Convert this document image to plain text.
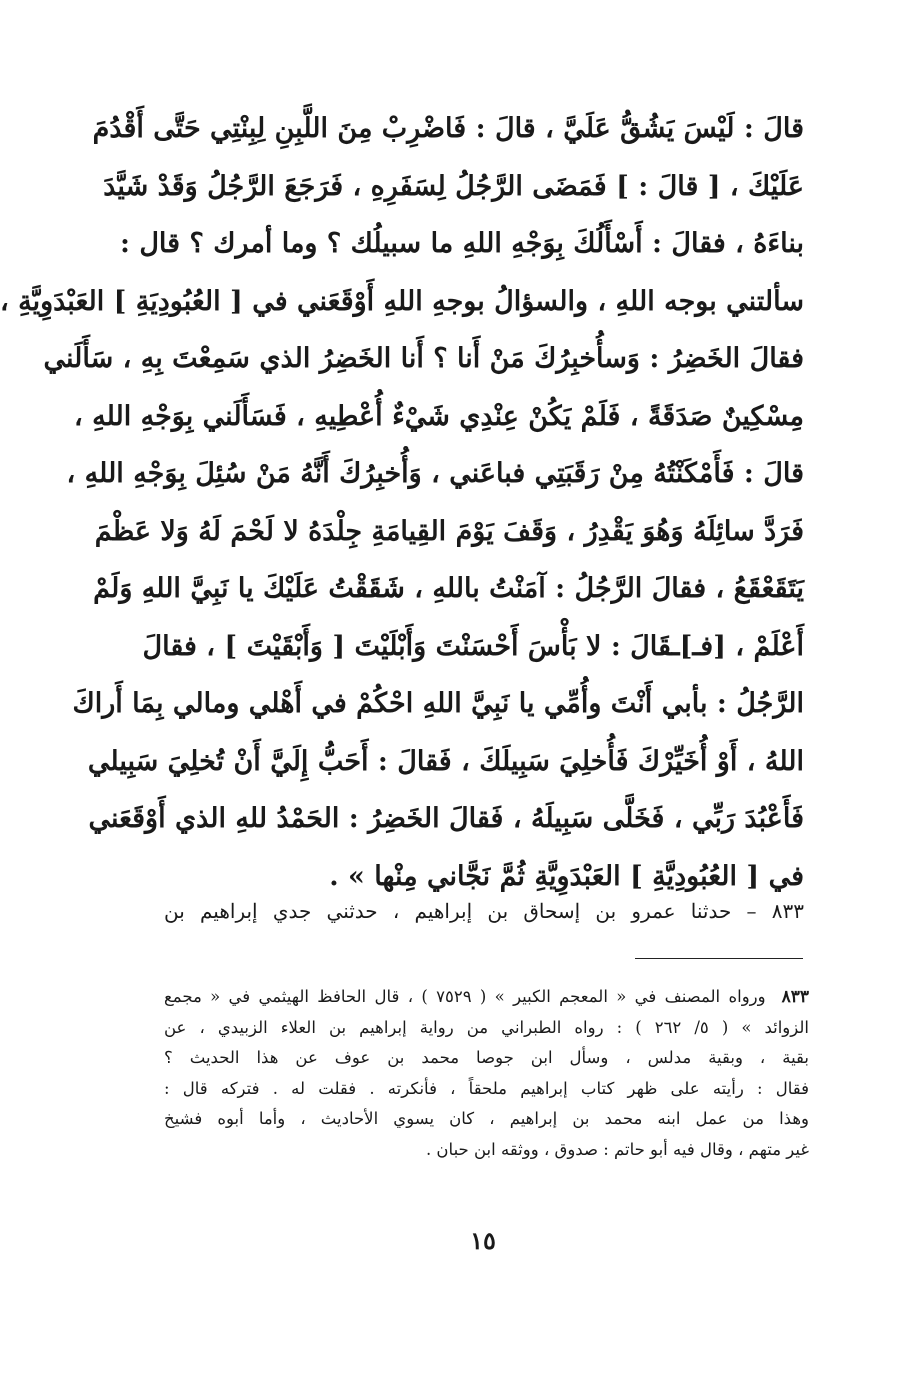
قالَ : لَيْسَ يَشُقُّ عَلَيَّ ، قالَ : فَاضْرِبْ مِنَ اللَّبِنِ لِبِنْتِي حَتَّى أَقْدُمَ
عَلَيْكَ ، [ قالَ : ] فَمَضَى الرَّجُلُ لِسَفَرِهِ ، فَرَجَعَ الرَّجُلُ وَقَدْ شَيَّدَ
بناءَهُ ، فقالَ : أَسْأَلُكَ بِوَجْهِ اللهِ ما سبيلُك ؟ وما أمرك ؟ قال :
سألتني بوجه اللهِ ، والسؤالُ بوجهِ اللهِ أَوْقَعَني في [ العُبُودِيَةِ ] العَبْدَوِيَّةِ ،
فقالَ الخَضِرُ : وَسأُخبِرُكَ مَنْ أَنا ؟ أَنا الخَضِرُ الذي سَمِعْتَ بِهِ ، سَأَلَني
مِسْكِينٌ صَدَقَةً ، فَلَمْ يَكُنْ عِنْدِي شَيْءٌ أُعْطِيهِ ، فَسَأَلَني بِوَجْهِ اللهِ ،
قالَ : فَأَمْكَنْتُهُ مِنْ رَقَبَتِي فباعَني ، وَأُخبِرُكَ أَنَّهُ مَنْ سُئِلَ بِوَجْهِ اللهِ ،
فَرَدَّ سائِلَهُ وَهُوَ يَقْدِرُ ، وَقَفَ يَوْمَ القِيامَةِ جِلْدَهُ لا لَحْمَ لَهُ وَلا عَظْمَ
يَتَقَعْقَعُ ، فقالَ الرَّجُلُ : آمَنْتُ باللهِ ، شَقَقْتُ عَلَيْكَ يا نَبِيَّ اللهِ وَلَمْ
أَعْلَمْ ، [فـ]ـقَالَ : لا بَأْسَ أَحْسَنْتَ وَأَبْلَيْتَ [ وَأَبْقَيْتَ ] ، فقالَ
الرَّجُلُ : بأبي أَنْتَ وأُمِّي يا نَبِيَّ اللهِ احْكُمْ في أَهْلي ومالي بِمَا أَراكَ
اللهُ ، أَوْ أُخَيِّرْكَ فَأُخلِيَ سَبِيلَكَ ، فَقالَ : أَحَبُّ إِلَيَّ أَنْ تُخلِيَ سَبِيلي
فَأَعْبُدَ رَبِّي ، فَخَلَّى سَبِيلَهُ ، فَقالَ الخَضِرُ : الحَمْدُ للهِ الذي أَوْقَعَني
في [ العُبُودِيَّةِ ] العَبْدَوِيَّةِ ثُمَّ نَجَّاني مِنْها » .
٨٣٣ – حدثنا عمرو بن إسحاق بن إبراهيم ، حدثني جدي إبراهيم بن
٨٣٣
ورواه المصنف في « المعجم الكبير » ( ٧٥٢٩ ) ، قال الحافظ الهيثمي في « مجمع
الزوائد » ( ٥/ ٢٦٢ ) : رواه الطبراني من رواية إبراهيم بن العلاء الزبيدي ، عن
بقية ، وبقية مدلس ، وسأل ابن جوصا محمد بن عوف عن هذا الحديث ؟
فقال : رأيته على ظهر كتاب إبراهيم ملحقاً ، فأنكرته . فقلت له . فتركه قال :
وهذا من عمل ابنه محمد بن إبراهيم ، كان يسوي الأحاديث ، وأما أبوه فشيخ
غير متهم ، وقال فيه أبو حاتم : صدوق ، ووثقه ابن حبان .
١٥
